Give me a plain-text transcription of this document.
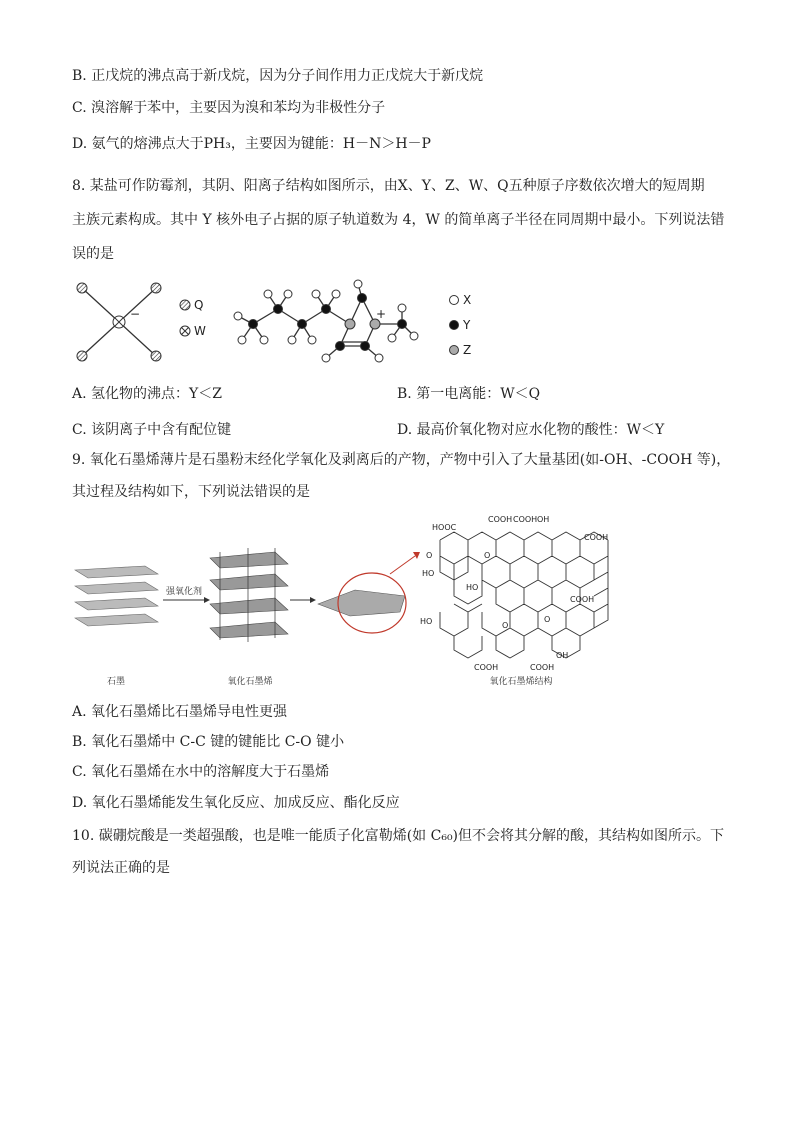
B. 正戊烷的沸点高于新戊烷，因为分子间作用力正戊烷大于新戊烷
C. 溴溶解于苯中，主要因为溴和苯均为非极性分子
D. 氨气的熔沸点大于PH₃，主要因为键能：H－N＞H－P
8. 某盐可作防霉剂，其阴、阳离子结构如图所示，由X、Y、Z、W、Q五种原子序数依次增大的短周期
主族元素构成。其中 Y 核外电子占据的原子轨道数为 4，W 的简单离子半径在同周期中最小。下列说法错
误的是
−
Q
W
+
X
Y
Z
A. 氢化物的沸点：Y＜Z	B. 第一电离能：W＜Q
C. 该阴离子中含有配位键	D. 最高价氧化物对应水化物的酸性：W＜Y
9. 氧化石墨烯薄片是石墨粉末经化学氧化及剥离后的产物，产物中引入了大量基团(如-OH、-COOH 等)，
其过程及结构如下，下列说法错误的是
石墨
强氧化剂
氧化石墨烯
HOOC
COOH COOH OH
COOH
O
HO
HO
COOH
HO	O
COOH	COOH
OH
O
O
氧化石墨烯结构
A. 氧化石墨烯比石墨烯导电性更强
B. 氧化石墨烯中 C-C 键的键能比 C-O 键小
C. 氧化石墨烯在水中的溶解度大于石墨烯
D. 氧化石墨烯能发生氧化反应、加成反应、酯化反应
10. 碳硼烷酸是一类超强酸，也是唯一能质子化富勒烯(如 C₆₀)但不会将其分解的酸，其结构如图所示。下
列说法正确的是
